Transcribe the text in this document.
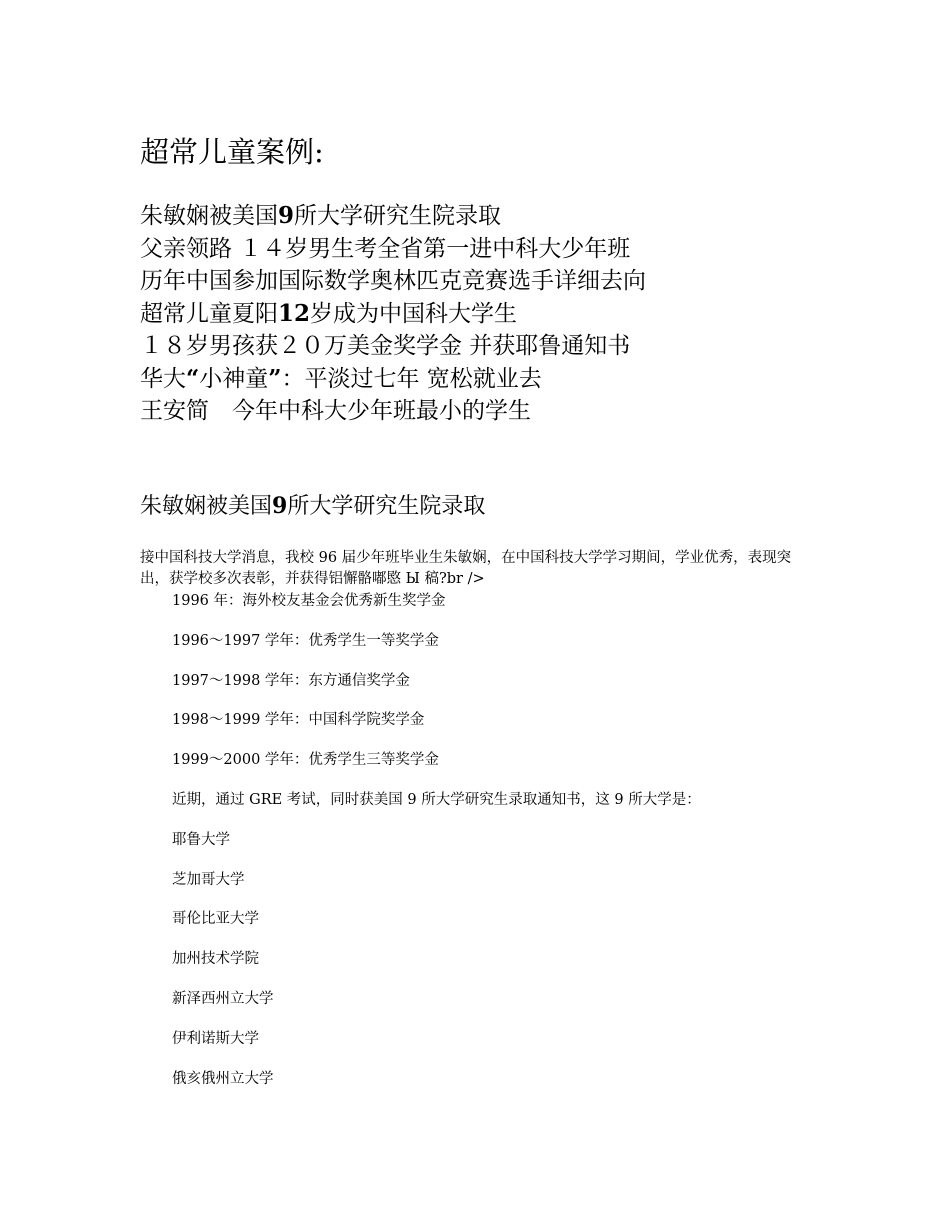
超常儿童案例:
朱敏娴被美国9所大学研究生院录取
父亲领路 １４岁男生考全省第一进中科大少年班
历年中国参加国际数学奥林匹克竞赛选手详细去向
超常儿童夏阳12岁成为中国科大学生
１８岁男孩获２０万美金奖学金 并获耶鲁通知书
华大“小神童”：平淡过七年 宽松就业去
王安简　今年中科大少年班最小的学生
朱敏娴被美国9所大学研究生院录取
接中国科技大学消息，我校 96 届少年班毕业生朱敏娴，在中国科技大学学习期间，学业优秀，表现突出，获学校多次表彰，并获得铝懈骼嘟愍 Ы 稿?br />
1996 年：海外校友基金会优秀新生奖学金
1996～1997 学年：优秀学生一等奖学金
1997～1998 学年：东方通信奖学金
1998～1999 学年：中国科学院奖学金
1999～2000 学年：优秀学生三等奖学金
近期，通过 GRE 考试，同时获美国 9 所大学研究生录取通知书，这 9 所大学是：
耶鲁大学
芝加哥大学
哥伦比亚大学
加州技术学院
新泽西州立大学
伊利诺斯大学
俄亥俄州立大学
